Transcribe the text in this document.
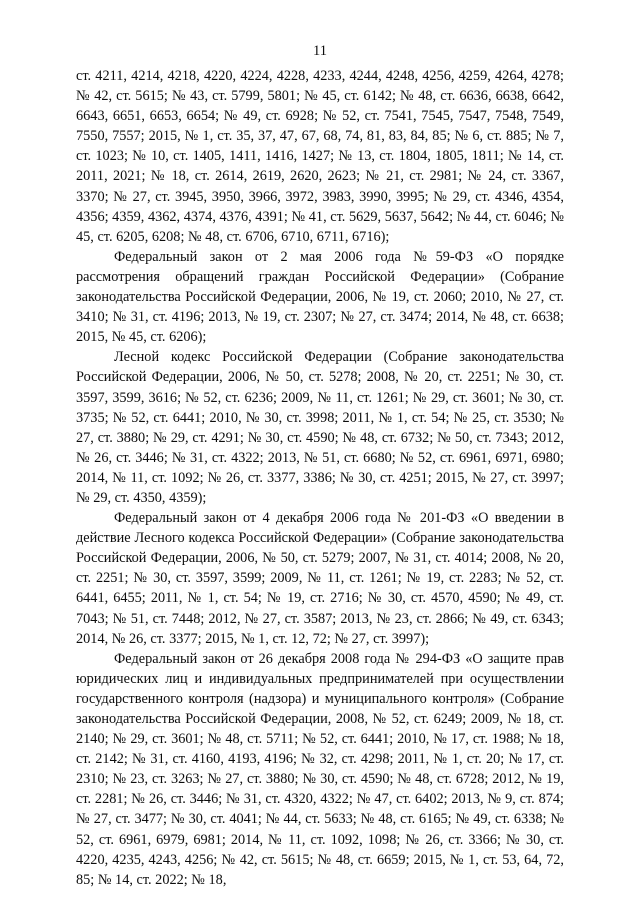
11

ст. 4211, 4214, 4218, 4220, 4224, 4228, 4233, 4244, 4248, 4256, 4259, 4264, 4278; № 42, ст. 5615; № 43, ст. 5799, 5801; № 45, ст. 6142; № 48, ст. 6636, 6638, 6642, 6643, 6651, 6653, 6654; № 49, ст. 6928; № 52, ст. 7541, 7545, 7547, 7548, 7549, 7550, 7557; 2015, № 1, ст. 35, 37, 47, 67, 68, 74, 81, 83, 84, 85; № 6, ст. 885; № 7, ст. 1023; № 10, ст. 1405, 1411, 1416, 1427; № 13, ст. 1804, 1805, 1811; № 14, ст. 2011, 2021; № 18, ст. 2614, 2619, 2620, 2623; № 21, ст. 2981; № 24, ст. 3367, 3370; № 27, ст. 3945, 3950, 3966, 3972, 3983, 3990, 3995; № 29, ст. 4346, 4354, 4356; 4359, 4362, 4374, 4376, 4391; № 41, ст. 5629, 5637, 5642; № 44, ст. 6046; № 45, ст. 6205, 6208; № 48, ст. 6706, 6710, 6711, 6716);

Федеральный закон от 2 мая 2006 года №59-ФЗ «О порядке рассмотрения обращений граждан Российской Федерации» (Собрание законодательства Российской Федерации, 2006, № 19, ст. 2060; 2010, № 27, ст. 3410; № 31, ст. 4196; 2013, № 19, ст. 2307; № 27, ст. 3474; 2014, № 48, ст. 6638; 2015, № 45, ст. 6206);

Лесной кодекс Российской Федерации (Собрание законодательства Российской Федерации, 2006, № 50, ст. 5278; 2008, № 20, ст. 2251; № 30, ст. 3597, 3599, 3616; № 52, ст. 6236; 2009, № 11, ст. 1261; № 29, ст. 3601; № 30, ст. 3735; № 52, ст. 6441; 2010, № 30, ст. 3998; 2011, № 1, ст. 54; № 25, ст. 3530; № 27, ст. 3880; № 29, ст. 4291; № 30, ст. 4590; № 48, ст. 6732; № 50, ст. 7343; 2012, № 26, ст. 3446; № 31, ст. 4322; 2013, № 51, ст. 6680; № 52, ст. 6961, 6971, 6980; 2014, № 11, ст. 1092; № 26, ст. 3377, 3386; № 30, ст. 4251; 2015, № 27, ст. 3997; № 29, ст. 4350, 4359);

Федеральный закон от 4 декабря 2006 года № 201-ФЗ «О введении в действие Лесного кодекса Российской Федерации» (Собрание законодательства Российской Федерации, 2006, № 50, ст. 5279; 2007, № 31, ст. 4014; 2008, № 20, ст. 2251; № 30, ст. 3597, 3599; 2009, № 11, ст. 1261; № 19, ст. 2283; № 52, ст. 6441, 6455; 2011, № 1, ст. 54; № 19, ст. 2716; № 30, ст. 4570, 4590; № 49, ст. 7043; № 51, ст. 7448; 2012, № 27, ст. 3587; 2013, № 23, ст. 2866; № 49, ст. 6343; 2014, № 26, ст. 3377; 2015, № 1, ст. 12, 72; № 27, ст. 3997);

Федеральный закон от 26 декабря 2008 года № 294-ФЗ «О защите прав юридических лиц и индивидуальных предпринимателей при осуществлении государственного контроля (надзора) и муниципального контроля» (Собрание законодательства Российской Федерации, 2008, № 52, ст. 6249; 2009, № 18, ст. 2140; № 29, ст. 3601; № 48, ст. 5711; № 52, ст. 6441; 2010, № 17, ст. 1988; № 18, ст. 2142; № 31, ст. 4160, 4193, 4196; № 32, ст. 4298; 2011, № 1, ст. 20; № 17, ст. 2310; № 23, ст. 3263; № 27, ст. 3880; № 30, ст. 4590; № 48, ст. 6728; 2012, № 19, ст. 2281; № 26, ст. 3446; № 31, ст. 4320, 4322; № 47, ст. 6402; 2013, № 9, ст. 874; № 27, ст. 3477; № 30, ст. 4041; № 44, ст. 5633; № 48, ст. 6165; № 49, ст. 6338; № 52, ст. 6961, 6979, 6981; 2014, № 11, ст. 1092, 1098; № 26, ст. 3366; № 30, ст. 4220, 4235, 4243, 4256; № 42, ст. 5615; № 48, ст. 6659; 2015, № 1, ст. 53, 64, 72, 85; № 14, ст. 2022; № 18,
